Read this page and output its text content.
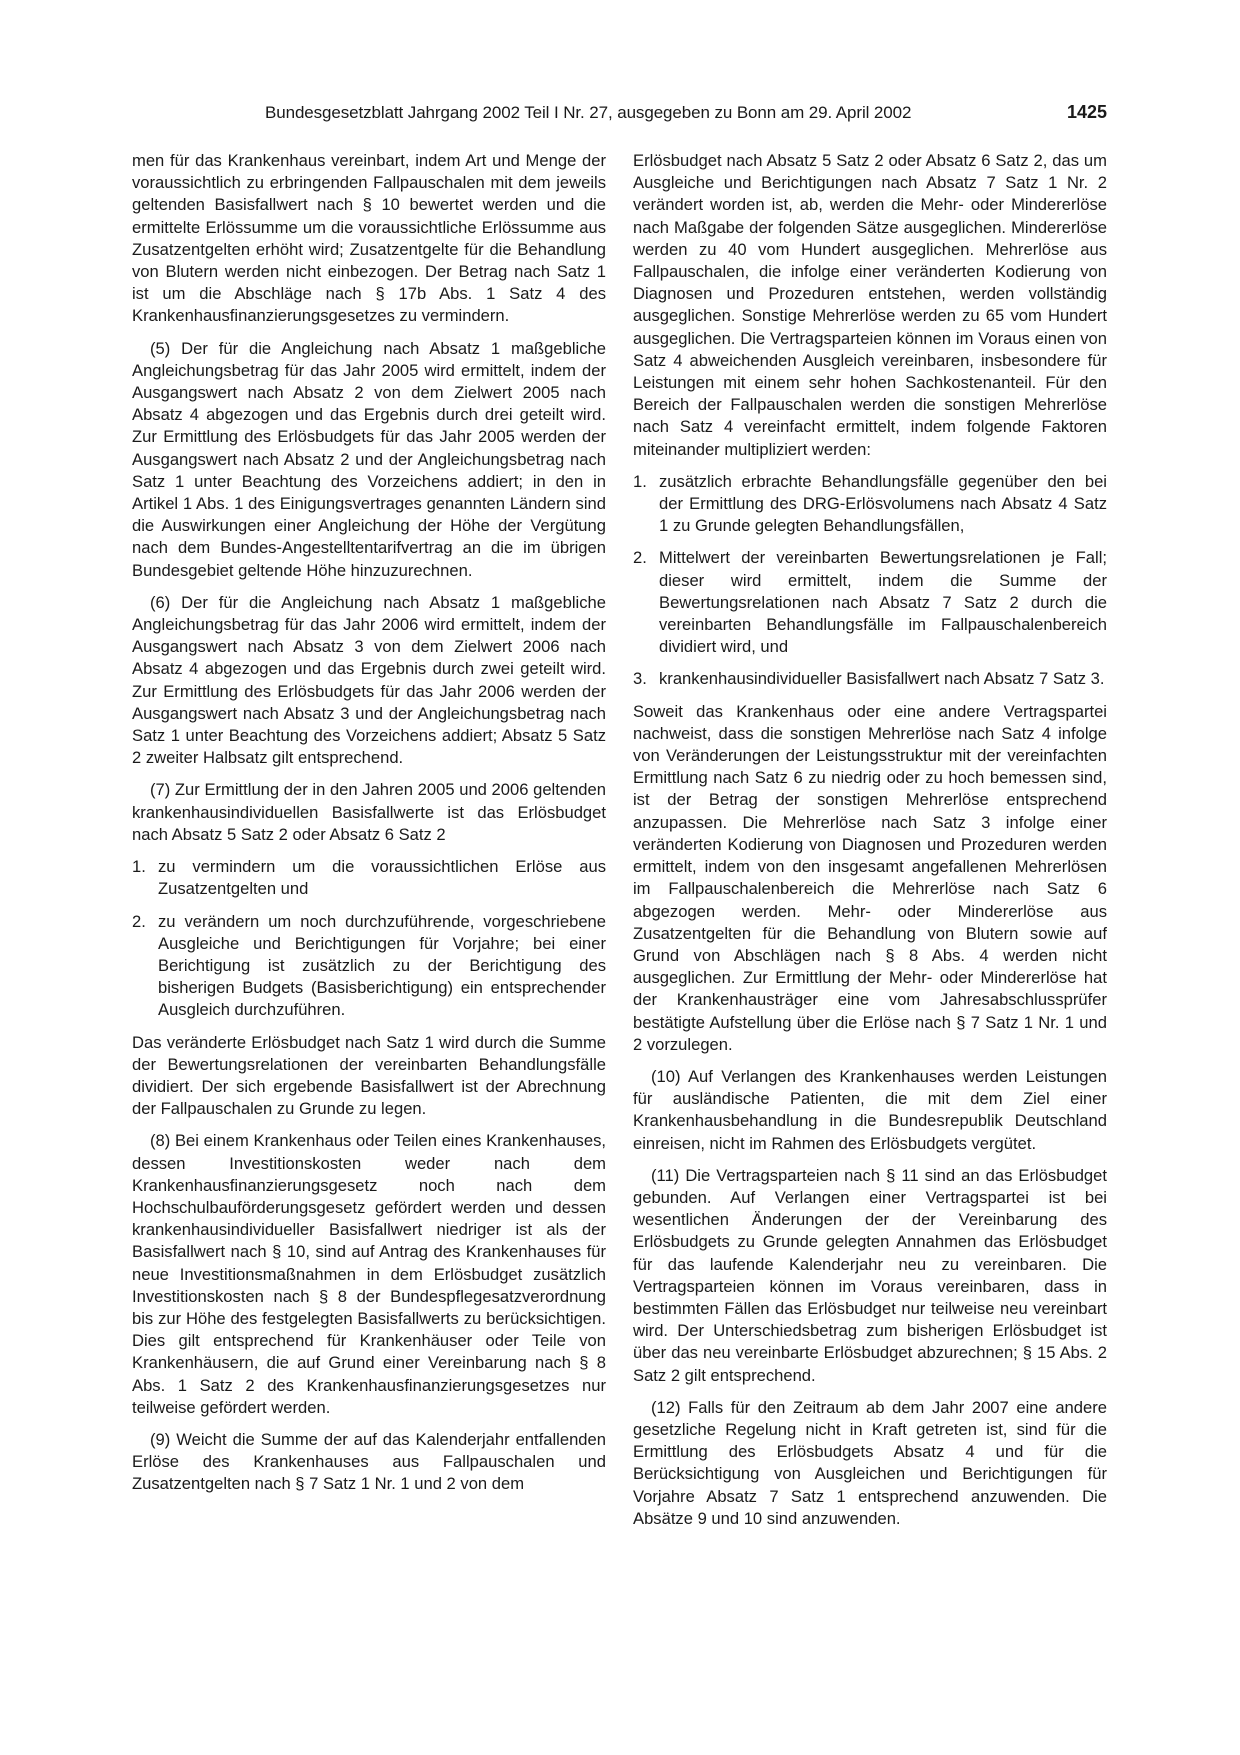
Bundesgesetzblatt Jahrgang 2002 Teil I Nr. 27, ausgegeben zu Bonn am 29. April 2002	1425

men für das Krankenhaus vereinbart, indem Art und Menge der voraussichtlich zu erbringenden Fallpauschalen mit dem jeweils geltenden Basisfallwert nach § 10 bewertet werden und die ermittelte Erlössumme um die voraussichtliche Erlössumme aus Zusatzentgelten erhöht wird; Zusatzentgelte für die Behandlung von Blutern werden nicht einbezogen. Der Betrag nach Satz 1 ist um die Abschläge nach § 17b Abs. 1 Satz 4 des Krankenhausfinanzierungsgesetzes zu vermindern.

(5) Der für die Angleichung nach Absatz 1 maßgebliche Angleichungsbetrag für das Jahr 2005 wird ermittelt, indem der Ausgangswert nach Absatz 2 von dem Zielwert 2005 nach Absatz 4 abgezogen und das Ergebnis durch drei geteilt wird. Zur Ermittlung des Erlösbudgets für das Jahr 2005 werden der Ausgangswert nach Absatz 2 und der Angleichungsbetrag nach Satz 1 unter Beachtung des Vorzeichens addiert; in den in Artikel 1 Abs. 1 des Einigungsvertrages genannten Ländern sind die Auswirkungen einer Angleichung der Höhe der Vergütung nach dem Bundes-Angestelltentarifvertrag an die im übrigen Bundesgebiet geltende Höhe hinzuzurechnen.

(6) Der für die Angleichung nach Absatz 1 maßgebliche Angleichungsbetrag für das Jahr 2006 wird ermittelt, indem der Ausgangswert nach Absatz 3 von dem Zielwert 2006 nach Absatz 4 abgezogen und das Ergebnis durch zwei geteilt wird. Zur Ermittlung des Erlösbudgets für das Jahr 2006 werden der Ausgangswert nach Absatz 3 und der Angleichungsbetrag nach Satz 1 unter Beachtung des Vorzeichens addiert; Absatz 5 Satz 2 zweiter Halbsatz gilt entsprechend.

(7) Zur Ermittlung der in den Jahren 2005 und 2006 geltenden krankenhausindividuellen Basisfallwerte ist das Erlösbudget nach Absatz 5 Satz 2 oder Absatz 6 Satz 2

1. zu vermindern um die voraussichtlichen Erlöse aus Zusatzentgelten und
2. zu verändern um noch durchzuführende, vorgeschriebene Ausgleiche und Berichtigungen für Vorjahre; bei einer Berichtigung ist zusätzlich zu der Berichtigung des bisherigen Budgets (Basisberichtigung) ein entsprechender Ausgleich durchzuführen.

Das veränderte Erlösbudget nach Satz 1 wird durch die Summe der Bewertungsrelationen der vereinbarten Behandlungsfälle dividiert. Der sich ergebende Basisfallwert ist der Abrechnung der Fallpauschalen zu Grunde zu legen.

(8) Bei einem Krankenhaus oder Teilen eines Krankenhauses, dessen Investitionskosten weder nach dem Krankenhausfinanzierungsgesetz noch nach dem Hochschulbauförderungsgesetz gefördert werden und dessen krankenhausindividueller Basisfallwert niedriger ist als der Basisfallwert nach § 10, sind auf Antrag des Krankenhauses für neue Investitionsmaßnahmen in dem Erlösbudget zusätzlich Investitionskosten nach § 8 der Bundespflegesatzverordnung bis zur Höhe des festgelegten Basisfallwerts zu berücksichtigen. Dies gilt entsprechend für Krankenhäuser oder Teile von Krankenhäusern, die auf Grund einer Vereinbarung nach § 8 Abs. 1 Satz 2 des Krankenhausfinanzierungsgesetzes nur teilweise gefördert werden.

(9) Weicht die Summe der auf das Kalenderjahr entfallenden Erlöse des Krankenhauses aus Fallpauschalen und Zusatzentgelten nach § 7 Satz 1 Nr. 1 und 2 von dem

Erlösbudget nach Absatz 5 Satz 2 oder Absatz 6 Satz 2, das um Ausgleiche und Berichtigungen nach Absatz 7 Satz 1 Nr. 2 verändert worden ist, ab, werden die Mehr- oder Mindererlöse nach Maßgabe der folgenden Sätze ausgeglichen. Mindererlöse werden zu 40 vom Hundert ausgeglichen. Mehrerlöse aus Fallpauschalen, die infolge einer veränderten Kodierung von Diagnosen und Prozeduren entstehen, werden vollständig ausgeglichen. Sonstige Mehrerlöse werden zu 65 vom Hundert ausgeglichen. Die Vertragsparteien können im Voraus einen von Satz 4 abweichenden Ausgleich vereinbaren, insbesondere für Leistungen mit einem sehr hohen Sachkostenanteil. Für den Bereich der Fallpauschalen werden die sonstigen Mehrerlöse nach Satz 4 vereinfacht ermittelt, indem folgende Faktoren miteinander multipliziert werden:

1. zusätzlich erbrachte Behandlungsfälle gegenüber den bei der Ermittlung des DRG-Erlösvolumens nach Absatz 4 Satz 1 zu Grunde gelegten Behandlungsfällen,
2. Mittelwert der vereinbarten Bewertungsrelationen je Fall; dieser wird ermittelt, indem die Summe der Bewertungsrelationen nach Absatz 7 Satz 2 durch die vereinbarten Behandlungsfälle im Fallpauschalenbereich dividiert wird, und
3. krankenhausindividueller Basisfallwert nach Absatz 7 Satz 3.

Soweit das Krankenhaus oder eine andere Vertragspartei nachweist, dass die sonstigen Mehrerlöse nach Satz 4 infolge von Veränderungen der Leistungsstruktur mit der vereinfachten Ermittlung nach Satz 6 zu niedrig oder zu hoch bemessen sind, ist der Betrag der sonstigen Mehrerlöse entsprechend anzupassen. Die Mehrerlöse nach Satz 3 infolge einer veränderten Kodierung von Diagnosen und Prozeduren werden ermittelt, indem von den insgesamt angefallenen Mehrerlösen im Fallpauschalenbereich die Mehrerlöse nach Satz 6 abgezogen werden. Mehr- oder Mindererlöse aus Zusatzentgelten für die Behandlung von Blutern sowie auf Grund von Abschlägen nach § 8 Abs. 4 werden nicht ausgeglichen. Zur Ermittlung der Mehr- oder Mindererlöse hat der Krankenhausträger eine vom Jahresabschlussprüfer bestätigte Aufstellung über die Erlöse nach § 7 Satz 1 Nr. 1 und 2 vorzulegen.

(10) Auf Verlangen des Krankenhauses werden Leistungen für ausländische Patienten, die mit dem Ziel einer Krankenhausbehandlung in die Bundesrepublik Deutschland einreisen, nicht im Rahmen des Erlösbudgets vergütet.

(11) Die Vertragsparteien nach § 11 sind an das Erlösbudget gebunden. Auf Verlangen einer Vertragspartei ist bei wesentlichen Änderungen der der Vereinbarung des Erlösbudgets zu Grunde gelegten Annahmen das Erlösbudget für das laufende Kalenderjahr neu zu vereinbaren. Die Vertragsparteien können im Voraus vereinbaren, dass in bestimmten Fällen das Erlösbudget nur teilweise neu vereinbart wird. Der Unterschiedsbetrag zum bisherigen Erlösbudget ist über das neu vereinbarte Erlösbudget abzurechnen; § 15 Abs. 2 Satz 2 gilt entsprechend.

(12) Falls für den Zeitraum ab dem Jahr 2007 eine andere gesetzliche Regelung nicht in Kraft getreten ist, sind für die Ermittlung des Erlösbudgets Absatz 4 und für die Berücksichtigung von Ausgleichen und Berichtigungen für Vorjahre Absatz 7 Satz 1 entsprechend anzuwenden. Die Absätze 9 und 10 sind anzuwenden.
